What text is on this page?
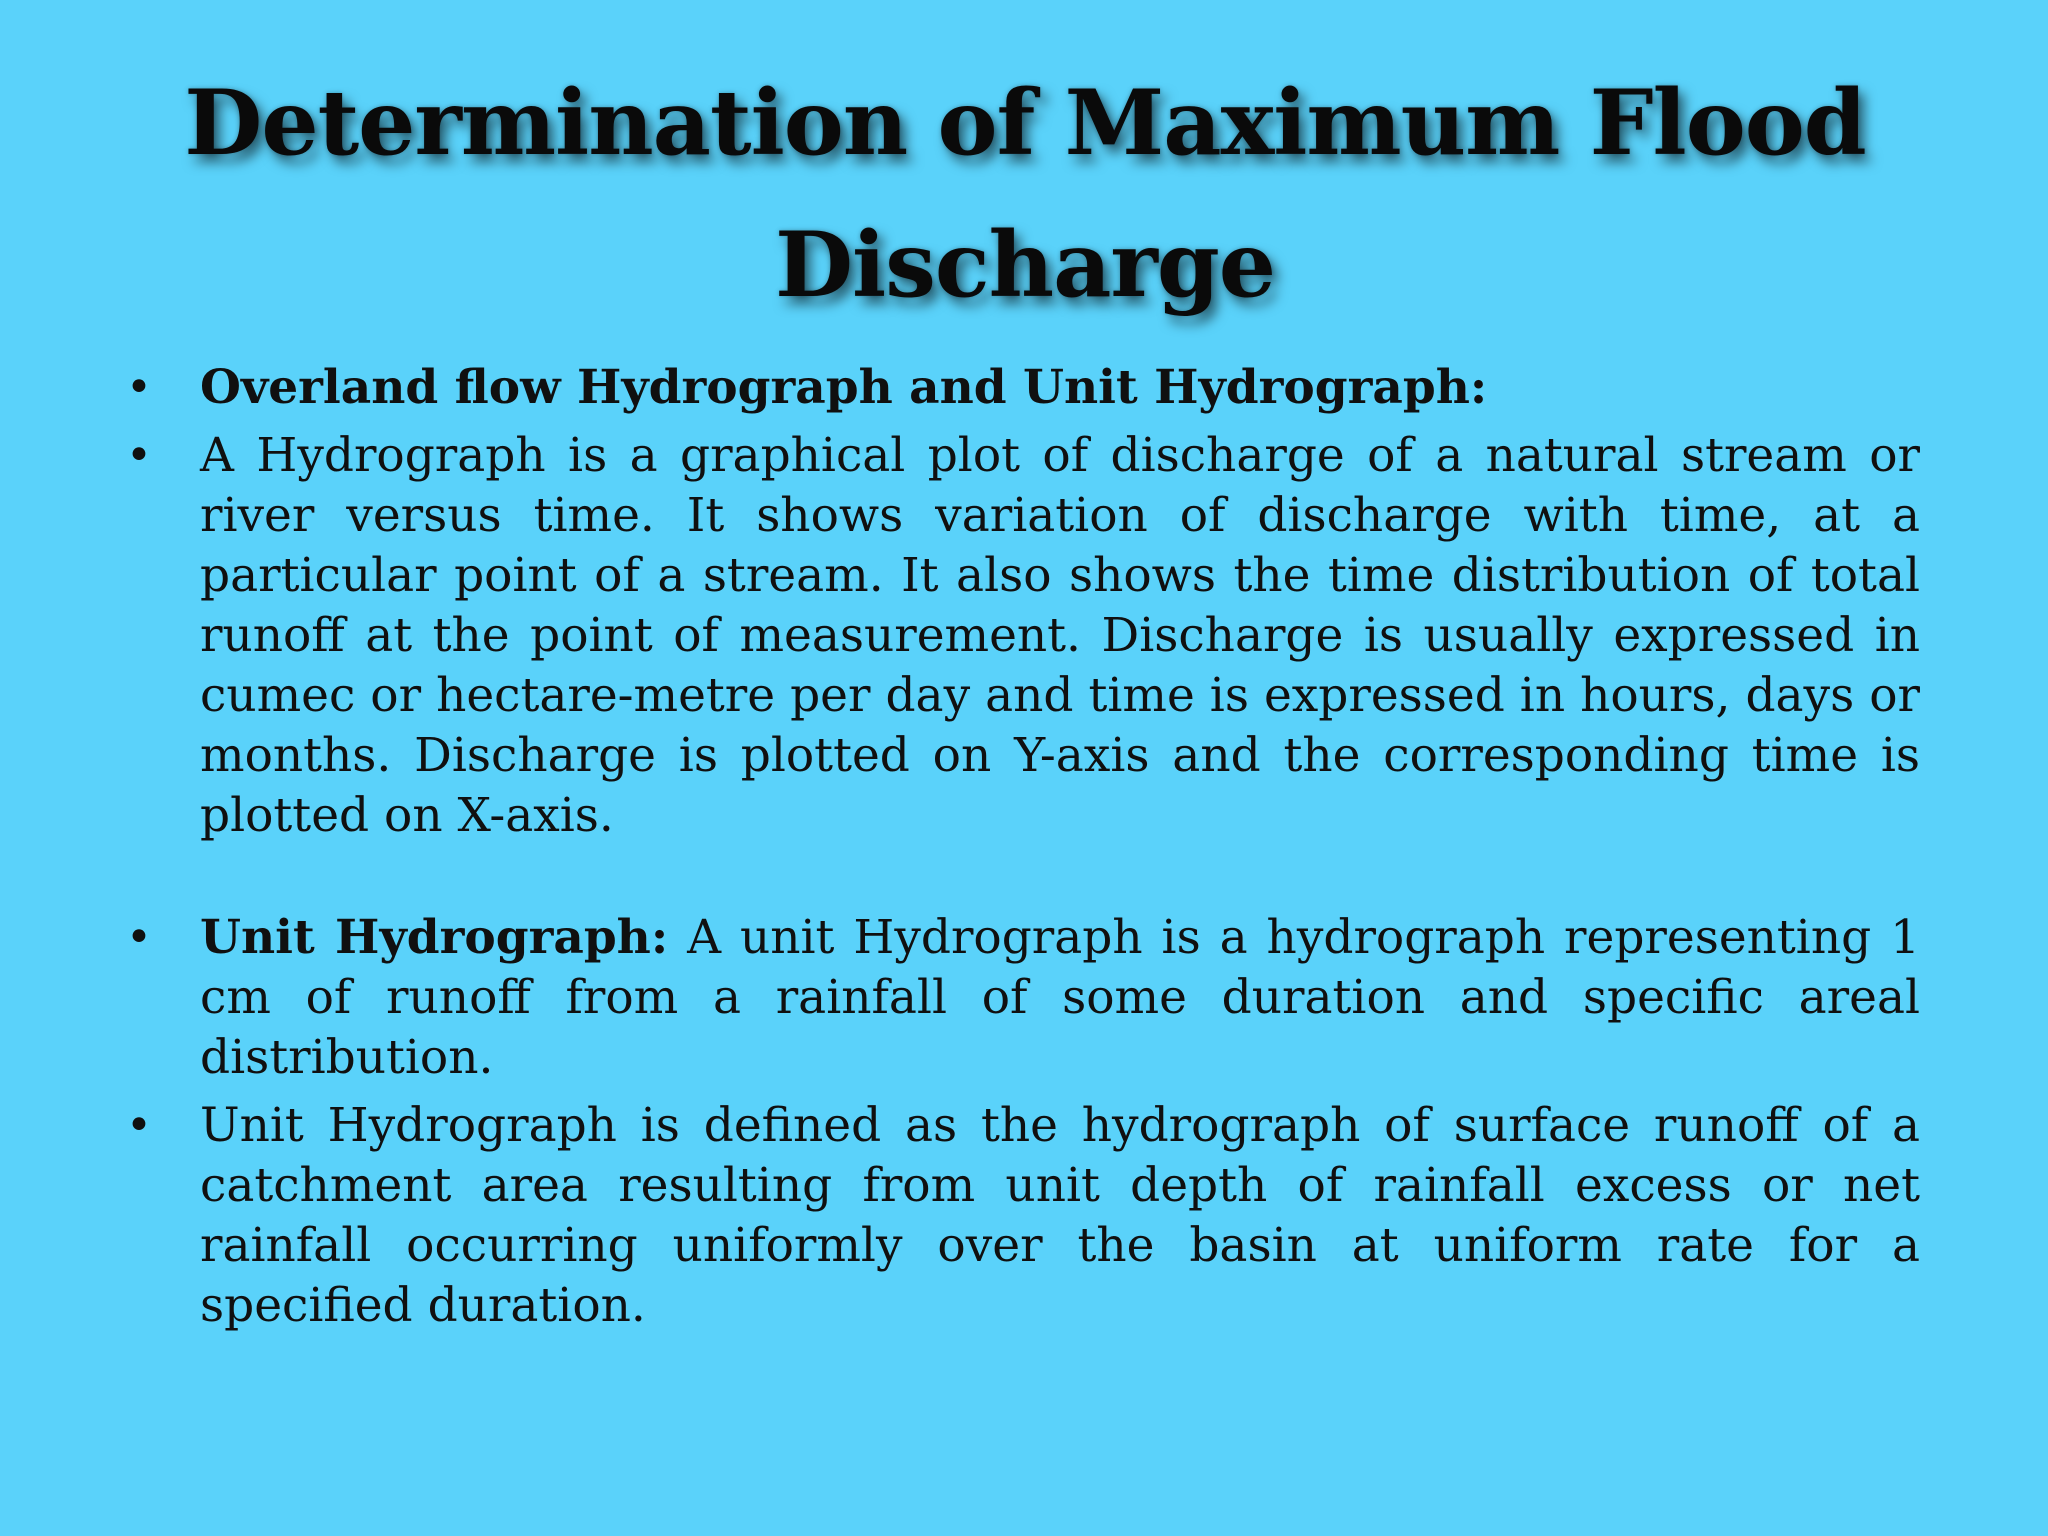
Determination of Maximum Flood
Discharge
• Overland flow Hydrograph and Unit Hydrograph:
• A Hydrograph is a graphical plot of discharge of a natural stream or river versus time. It shows variation of discharge with time, at a particular point of a stream. It also shows the time distribution of total runoff at the point of measurement. Discharge is usually expressed in cumec or hectare-metre per day and time is expressed in hours, days or months. Discharge is plotted on Y-axis and the corresponding time is plotted on X-axis.
• Unit Hydrograph: A unit Hydrograph is a hydrograph representing 1 cm of runoff from a rainfall of some duration and specific areal distribution.
• Unit Hydrograph is defined as the hydrograph of surface runoff of a catchment area resulting from unit depth of rainfall excess or net rainfall occurring uniformly over the basin at uniform rate for a specified duration.
